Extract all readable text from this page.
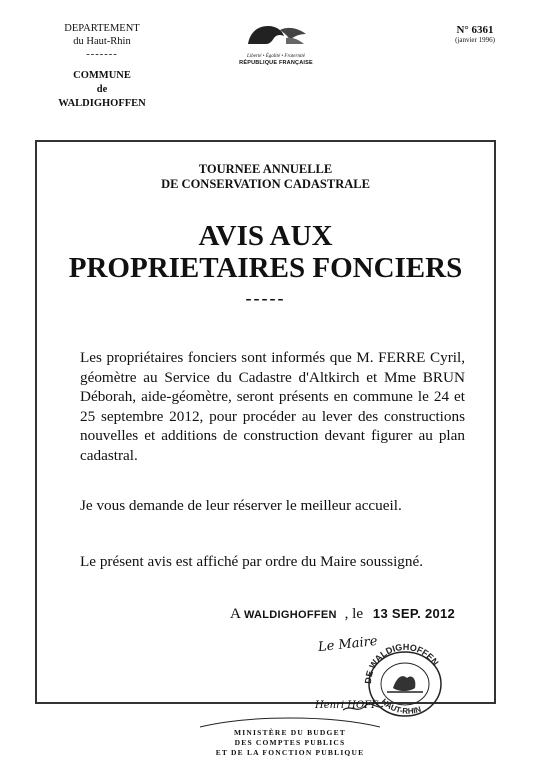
DEPARTEMENT
du Haut-Rhin
-------
COMMUNE
de
WALDIGHOFFEN
Liberté • Égalité • Fraternité
RÉPUBLIQUE FRANÇAISE
N° 6361
(janvier 1996)
TOURNEE ANNUELLE
DE CONSERVATION CADASTRALE
AVIS AUX
PROPRIETAIRES FONCIERS
-----
Les propriétaires fonciers sont informés que M. FERRE Cyril, géomètre au Service du Cadastre d'Altkirch et Mme BRUN Déborah, aide-géomètre, seront présents en commune le 24 et 25 septembre 2012, pour procéder au lever des constructions nouvelles et additions de construction devant figurer au plan cadastral.
Je vous demande de leur réserver le meilleur accueil.
Le présent avis est affiché par ordre du Maire soussigné.
A WALDIGHOFFEN , le 13 SEP. 2012
Le Maire
DE WALDIGHOFFEN
HAUT-RHIN
Henri HOFF
MINISTÈRE DU BUDGET
DES COMPTES PUBLICS
ET DE LA FONCTION PUBLIQUE
